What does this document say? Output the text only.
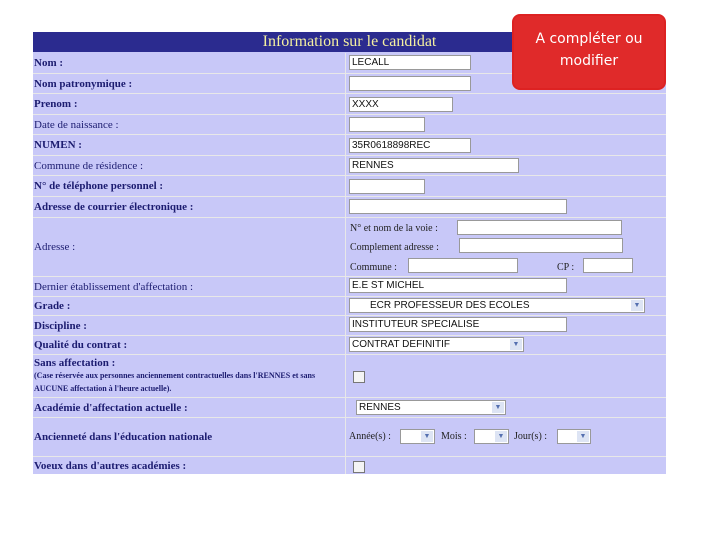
Information sur le candidat
Nom :	LECALL
Nom patronymique :
Prenom :	XXXX
Date de naissance :
NUMEN :	35R0618898REC
Commune de résidence :	RENNES
N° de téléphone personnel :
Adresse de courrier électronique :
Adresse :
N° et nom de la voie :
Complement adresse :
Commune :	CP :
Dernier établissement d'affectation :	E.E ST MICHEL
Grade :	ECR PROFESSEUR DES ECOLES	▼
Discipline :	INSTITUTEUR SPECIALISE
Qualité du contrat :	CONTRAT DEFINITIF	▼
Sans affectation :
(Case réservée aux personnes anciennement contractuelles dans l'RENNES et sans AUCUNE affectation à l'heure actuelle).
Académie d'affectation actuelle :	RENNES	▼
Ancienneté dans l'éducation nationale	Année(s) :	▼ Mois :	▼ Jour(s) :	▼
Voeux dans d'autres académies :
A compléter ou modifier
